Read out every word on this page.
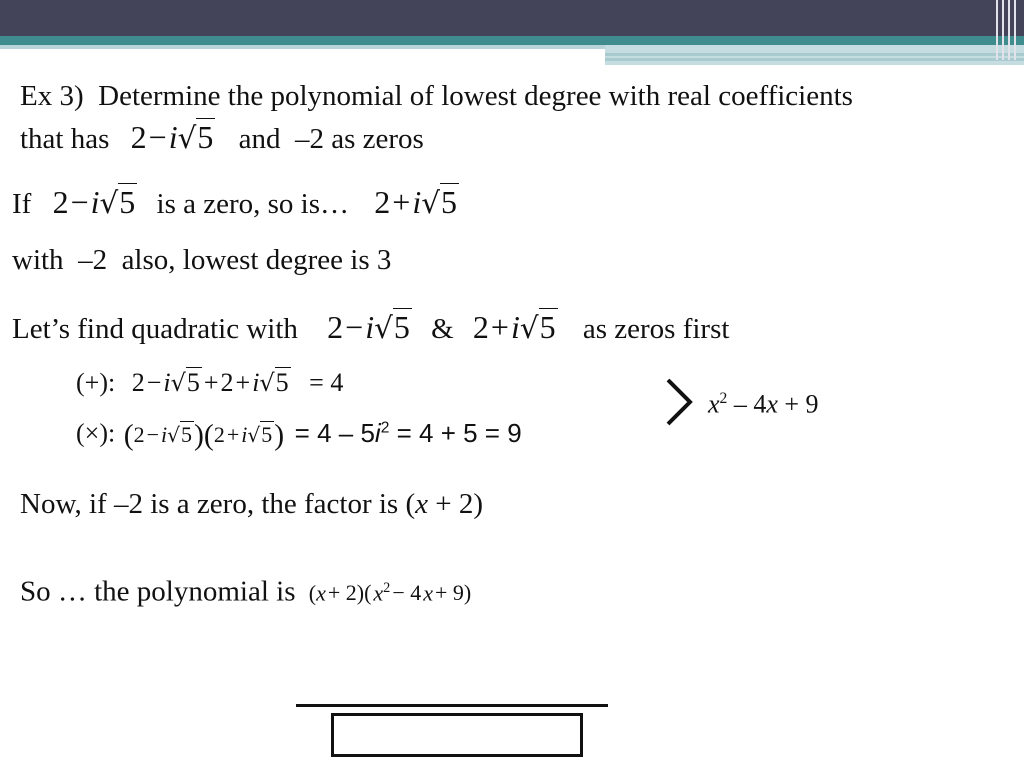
Ex 3) Determine the polynomial of lowest degree with real coefficients
that has 2−i√5 and –2 as zeros
If 2−i√5 is a zero, so is… 2+i√5
with –2 also, lowest degree is 3
Let’s find quadratic with 2−i√5 & 2+i√5 as zeros first
(+): 2−i√5 +2+i√5 = 4
(×): $(2-i√5)(2+i√5) = 4 - 5i^2 = 4 + 5 = 9$
$x^2 - 4x + 9$
Now, if –2 is a zero, the factor is (x + 2)
So … the polynomial is $(x+ 2)(x^2- 4x+ 9)$
